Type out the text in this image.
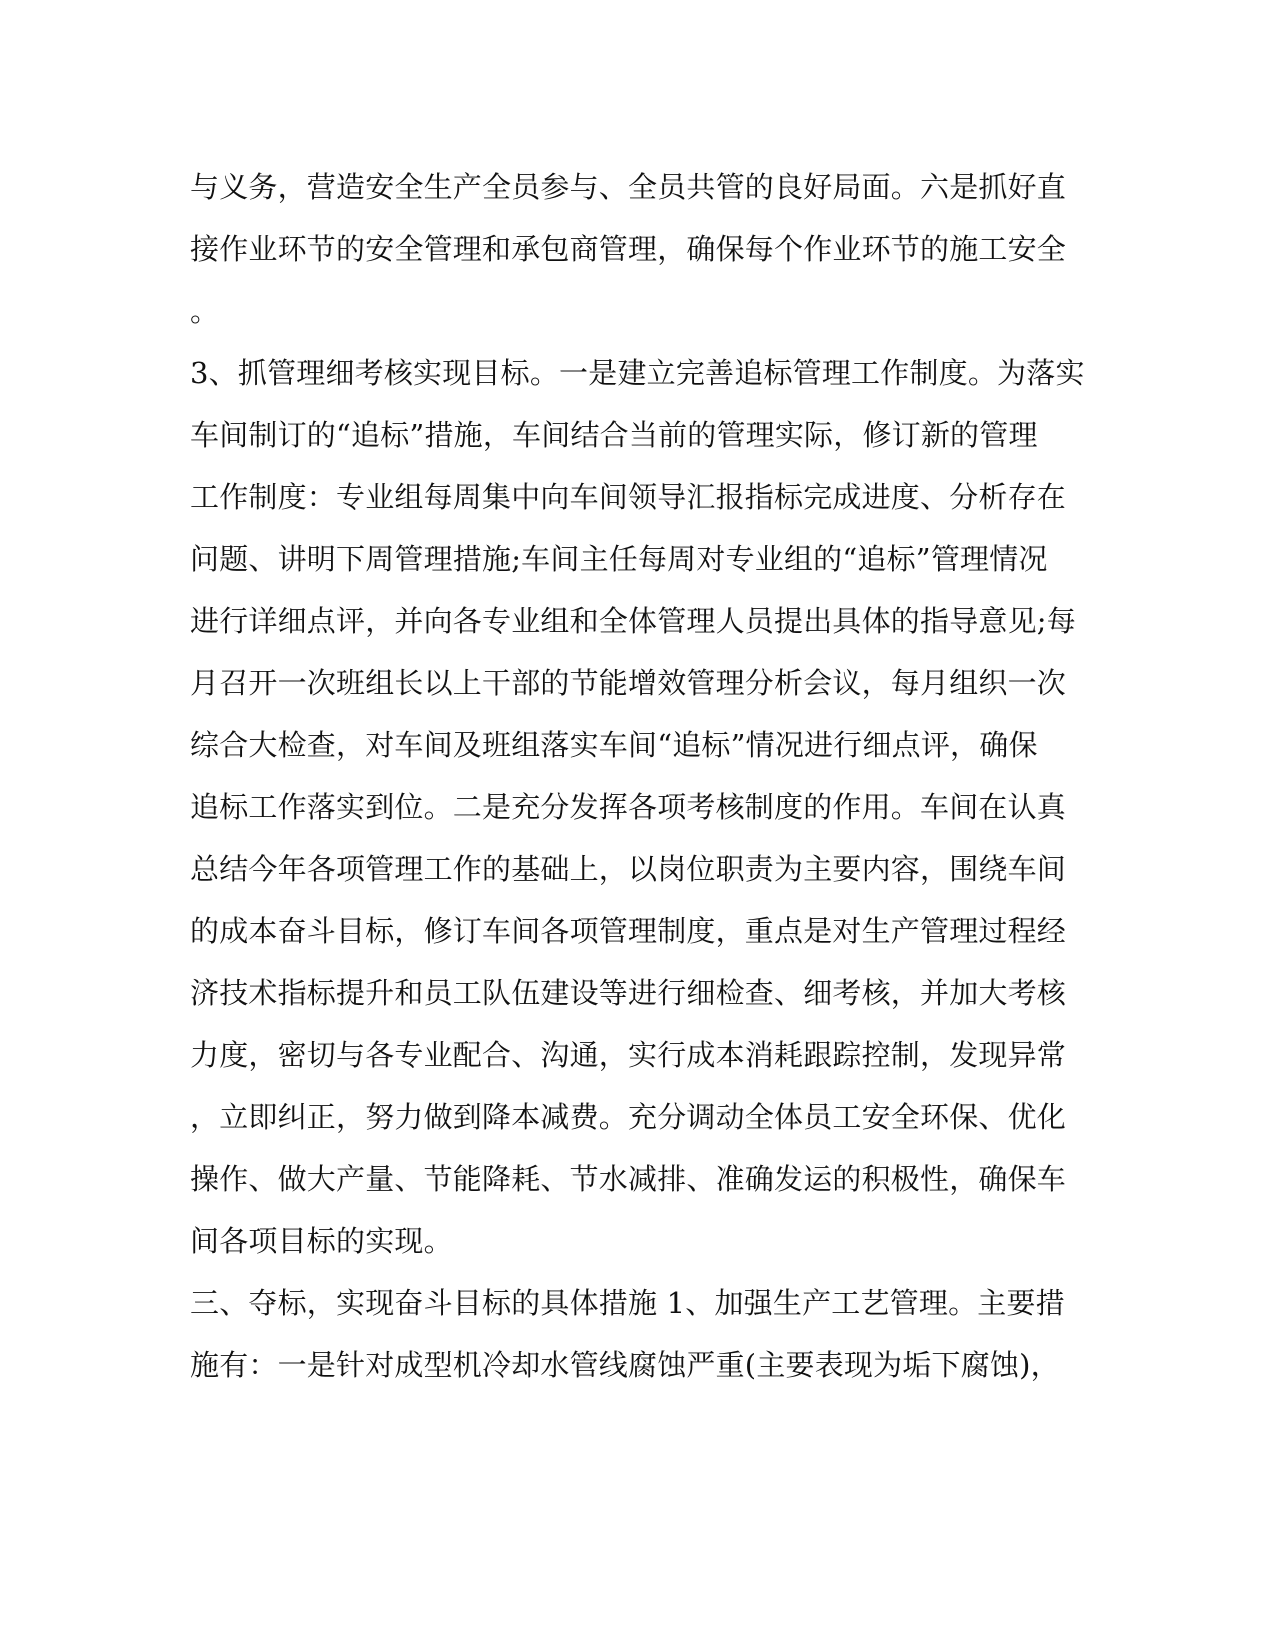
与义务，营造安全生产全员参与、全员共管的良好局面。六是抓好直
接作业环节的安全管理和承包商管理，确保每个作业环节的施工安全
。
3、抓管理细考核实现目标。一是建立完善追标管理工作制度。为落实
车间制订的“追标”措施，车间结合当前的管理实际，修订新的管理
工作制度：专业组每周集中向车间领导汇报指标完成进度、分析存在
问题、讲明下周管理措施;车间主任每周对专业组的“追标”管理情况
进行详细点评，并向各专业组和全体管理人员提出具体的指导意见;每
月召开一次班组长以上干部的节能增效管理分析会议，每月组织一次
综合大检查，对车间及班组落实车间“追标”情况进行细点评，确保
追标工作落实到位。二是充分发挥各项考核制度的作用。车间在认真
总结今年各项管理工作的基础上，以岗位职责为主要内容，围绕车间
的成本奋斗目标，修订车间各项管理制度，重点是对生产管理过程经
济技术指标提升和员工队伍建设等进行细检查、细考核，并加大考核
力度，密切与各专业配合、沟通，实行成本消耗跟踪控制，发现异常
，立即纠正，努力做到降本减费。充分调动全体员工安全环保、优化
操作、做大产量、节能降耗、节水减排、准确发运的积极性，确保车
间各项目标的实现。
三、夺标，实现奋斗目标的具体措施 1、加强生产工艺管理。主要措
施有：一是针对成型机冷却水管线腐蚀严重(主要表现为垢下腐蚀)，
